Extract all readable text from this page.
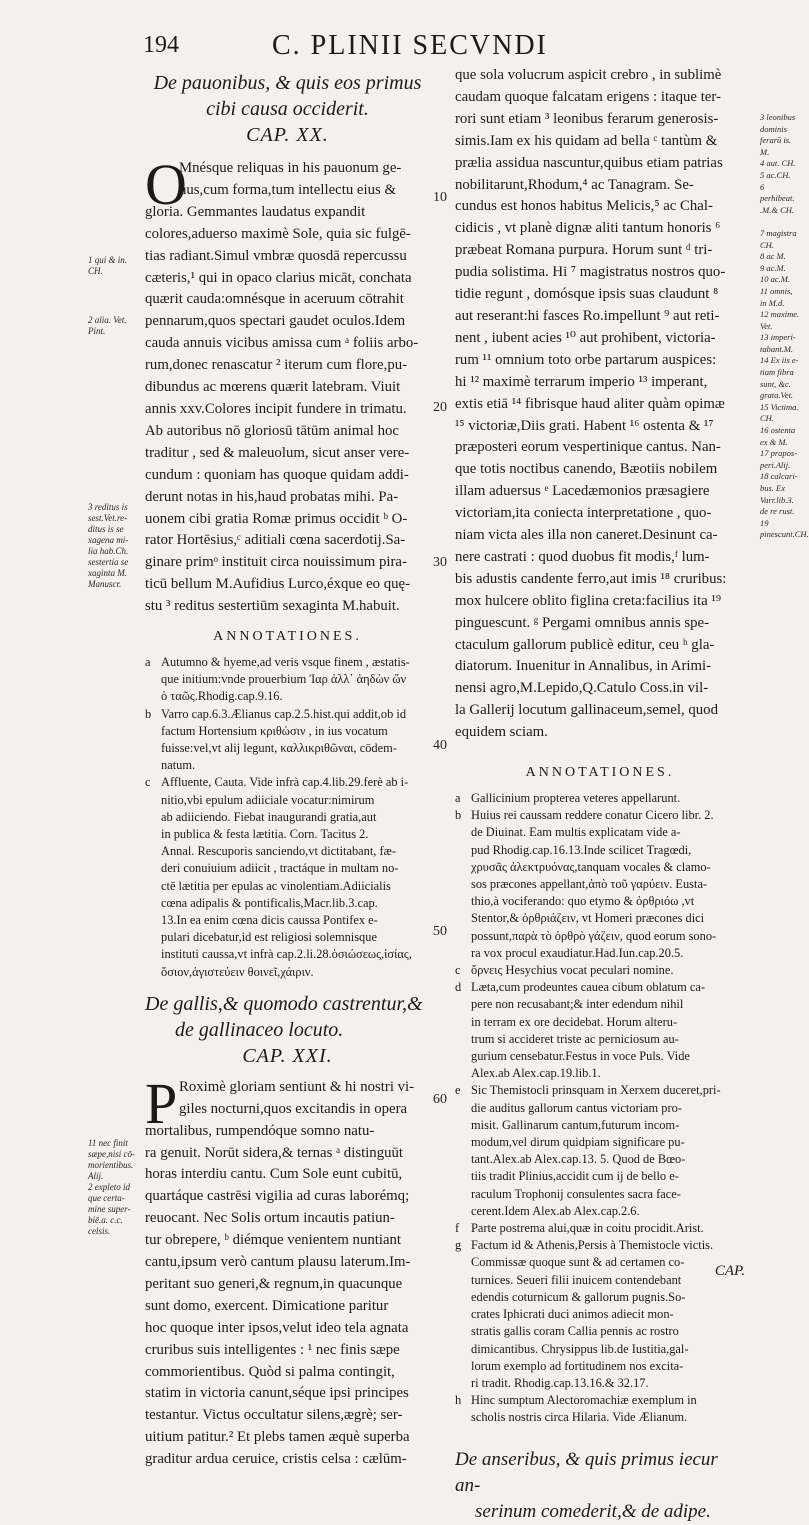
194	C. PLINII SECVNDI
De pauonibus, & quis eos primus
cibi causa occiderit.
CAP. XX.
O
Mnésque reliquas in his pauonum ge-
nus,cum forma,tum intellectu eius &
gloria. Gemmantes laudatus expandit
colores,aduerso maximè Sole, quia sic fulgē-
tias radiant.Simul vmbræ quosdā repercussu
cæteris,¹ qui in opaco clarius micāt, conchata
quærit cauda:omnésque in aceruum cōtrahit
pennarum,quos spectari gaudet oculos.Idem
cauda annuis vicibus amissa cum ᵃ foliis arbo-
rum,donec renascatur ² iterum cum flore,pu-
dibundus ac mœrens quærit latebram. Viuit
annis xxv.Colores incipit fundere in trimatu.
Ab autoribus nō gloriosū tātūm animal hoc
traditur , sed & maleuolum, sicut anser vere-
cundum : quoniam has quoque quidam addi-
derunt notas in his,haud probatas mihi. Pa-
uonem cibi gratia Romæ primus occidit ᵇ O-
rator Hortēsius,ᶜ aditiali cœna sacerdotij.Sa-
ginare primᵒ instituit circa nouissimum pira-
ticū bellum M.Aufidius Lurco,éxque eo quę-
stu ³ reditus sestertiūm sexaginta M.habuit.
ANNOTATIONES.
a Autumno & hyeme,ad veris vsque finem , æstatis-
que initium:vnde prouerbium Ἰαρ ἀλλ᾽ ἀηδὼν ὤν
ὁ ταῶς.Rhodig.cap.9.16.
b Varro cap.6.3.Ælianus cap.2.5.hist.qui addit,ob id
factum Hortensium κριθώσιν , in ius vocatum
fuisse:vel,vt alij legunt, καλλικριθῶναι, cōdem-
natum.
c Affluente, Cauta. Vide infrà cap.4.lib.29.ferè ab i-
nitio,vbi epulum adiiciale vocatur:nimirum
ab adiiciendo. Fiebat inaugurandi gratia,aut
in publica & festa lætitia. Corn. Tacitus 2.
Annal. Rescuporis sanciendo,vt dictitabant, fæ-
deri conuiuium adiicit , tractáque in multam no-
ctē lætitia per epulas ac vinolentiam.Adiicialis
cœna adipalis & pontificalis,Macr.lib.3.cap.
13.In ea enim cœna dicis caussa Pontifex e-
pulari dicebatur,id est religiosi solemnisque
instituti caussa,vt infrà cap.2.li.28.ὁσιώσεως,ἱσίας,
ὅσιον,ἁγιστεύειν θοινεῖ,χάιριν.
De gallis,& quomodo castrentur,&
de gallinaceo locuto.
CAP. XXI.
P Roximè gloriam sentiunt & hi nostri vi-
giles nocturni,quos excitandis in opera
mortalibus, rumpendóque somno natu-
ra genuit. Norūt sidera,& ternas ᵃ distinguūt
horas interdiu cantu. Cum Sole eunt cubitū,
quartáque castrēsi vigilia ad curas laborémq;
reuocant. Nec Solis ortum incautis patiun-
tur obrepere, ᵇ diémque venientem nuntiant
cantu,ipsum verò cantum plausu laterum.Im-
peritant suo generi,& regnum,in quacunque
sunt domo, exercent. Dimicatione paritur
hoc quoque inter ipsos,velut ideo tela agnata
cruribus suis intelligentes : ¹ nec finis sæpe
commorientibus. Quòd si palma contingit,
statim in victoria canunt,séque ipsi principes
testantur. Victus occultatur silens,ægrè; ser-
uitium patitur.² Et plebs tamen æquè superba
graditur ardua ceruice, cristis celsa : cælūm-
que sola volucrum aspicit crebro , in sublimè
caudam quoque falcatam erigens : itaque ter-
rori sunt etiam ³ leonibus ferarum generosis-
simis.Iam ex his quidam ad bella ᶜ tantùm &
prælia assidua nascuntur,quibus etiam patrias
nobilitarunt,Rhodum,⁴ ac Tanagram. Se-
cundus est honos habitus Melicis,⁵ ac Chal-
cidicis , vt planè dignæ aliti tantum honoris ⁶
præbeat Romana purpura. Horum sunt ᵈ tri-
pudia solistima. Hi ⁷ magistratus nostros quo-
tidie regunt , domósque ipsis suas claudunt ⁸
aut reserant:hi fasces Ro.impellunt ⁹ aut reti-
nent , iubent acies ¹⁰ aut prohibent, victoria-
rum ¹¹ omnium toto orbe partarum auspices:
hi ¹² maximè terrarum imperio ¹³ imperant,
extis etiā ¹⁴ fibrisque haud aliter quàm opimæ
¹⁵ victoriæ,Diis grati. Habent ¹⁶ ostenta & ¹⁷
præposteri eorum vespertinique cantus. Nan-
que totis noctibus canendo, Bæotiis nobilem
illam aduersus ᵉ Lacedæmonios præsagiere
victoriam,ita coniecta interpretatione , quo-
niam victa ales illa non caneret.Desinunt ca-
nere castrati : quod duobus fit modis,ᶠ lum-
bis adustis candente ferro,aut imis ¹⁸ cruribus:
mox hulcere oblito figlina creta:facilius ita ¹⁹
pinguescunt. ᵍ Pergami omnibus annis spe-
ctaculum gallorum publicè editur, ceu ʰ gla-
diatorum. Inuenitur in Annalibus, in Arimi-
nensi agro,M.Lepido,Q.Catulo Coss.in vil-
la Gallerij locutum gallinaceum,semel, quod
equidem sciam.
ANNOTATIONES.
a Gallicinium propterea veteres appellarunt.
b Huius rei caussam reddere conatur Cicero libr. 2.
de Diuinat. Eam multis explicatam vide a-
pud Rhodig.cap.16.13.Inde scilicet Tragœdi,
χρυσᾶς ἀλεκτρυόνας,tanquam vocales & clamo-
sos præcones appellant,ἀπὸ τοῦ γαρύειν. Eusta-
thio,à vociferando: quo etymo & ὀρθριόω ,vt
Stentor,& ὀρθριάζειν, vt Homeri præcones dici
possunt,παρὰ τὸ ὀρθρὸ γάζειν, quod eorum sono-
ra vox procul exaudiatur.Had.Iun.cap.20.5.
c ὄρνεις Hesychius vocat peculari nomine.
d Læta,cum prodeuntes cauea cibum oblatum ca-
pere non recusabant;& inter edendum nihil
in terram ex ore decidebat. Horum alteru-
trum si accideret triste ac perniciosum au-
gurium censebatur.Festus in voce Puls. Vide
Alex.ab Alex.cap.19.lib.1.
e Sic Themistocli prinsquam in Xerxem duceret,pri-
die auditus gallorum cantus victoriam pro-
misit. Gallinarum cantum,futurum incom-
modum,vel dirum quidpiam significare pu-
tant.Alex.ab Alex.cap.13. 5. Quod de Bœo-
tiis tradit Plinius,accidit cum ij de bello e-
raculum Trophonij consulentes sacra face-
cerent.Idem Alex.ab Alex.cap.2.6.
f Parte postrema alui,quæ in coitu procidit.Arist.
g Factum id & Athenis,Persis à Themistocle victis.
Commissæ quoque sunt & ad certamen co-
turnices. Seueri filii inuicem contendebant
edendis coturnicum & gallorum pugnis.So-
crates Iphicrati duci animos adiecit mon-
stratis gallis coram Callia pennis ac rostro
dimicantibus. Chrysippus lib.de Iustitia,gal-
lorum exemplo ad fortitudinem nos excita-
ri tradit. Rhodig.cap.13.16.& 32.17.
h Hinc sumptum Alectoromachiæ exemplum in
scholis nostris circa Hilaria. Vide Ælianum.
De anseribus, & quis primus iecur an-
serinum comederit,& de adipe.
CAP.
1 qui & in.
CH.
2 alia. Vet.
Pint.
3 reditus is
sest.Vet.re-
ditus is se
xagena mi-
lia hab.Ch.
sestertia se
xaginta M.
Manuscr.
11 nec finit
sæpe,nisi cō-
morientibus.
Alij.
2 expleto id
que certa-
mine super-
biē.a. c.c.
celsis.
3 leonibus
dominis
ferarū is.
M.
4 aut. CH.
5 ac.CH.
6 perhibeat.
.M.& CH.

7 magistra
CH.
8 ac M.
9 ac.M.
10 ac.M.
11 omnis,
in M.d.
12 maxime.
Vet.
13 imperi-
tabant.M.
14 Ex iis e-
tiam fibra
sunt, &c.
grata.Vet.
15 Victima.
CH.
16 ostenta
ex & M.
17 prapos-
peri.Alij.
18 calcari-
bus. Ex
Varr.lib.3.
de re rust.
19 pinescunt.CH.
10
20
30
40
50
60
